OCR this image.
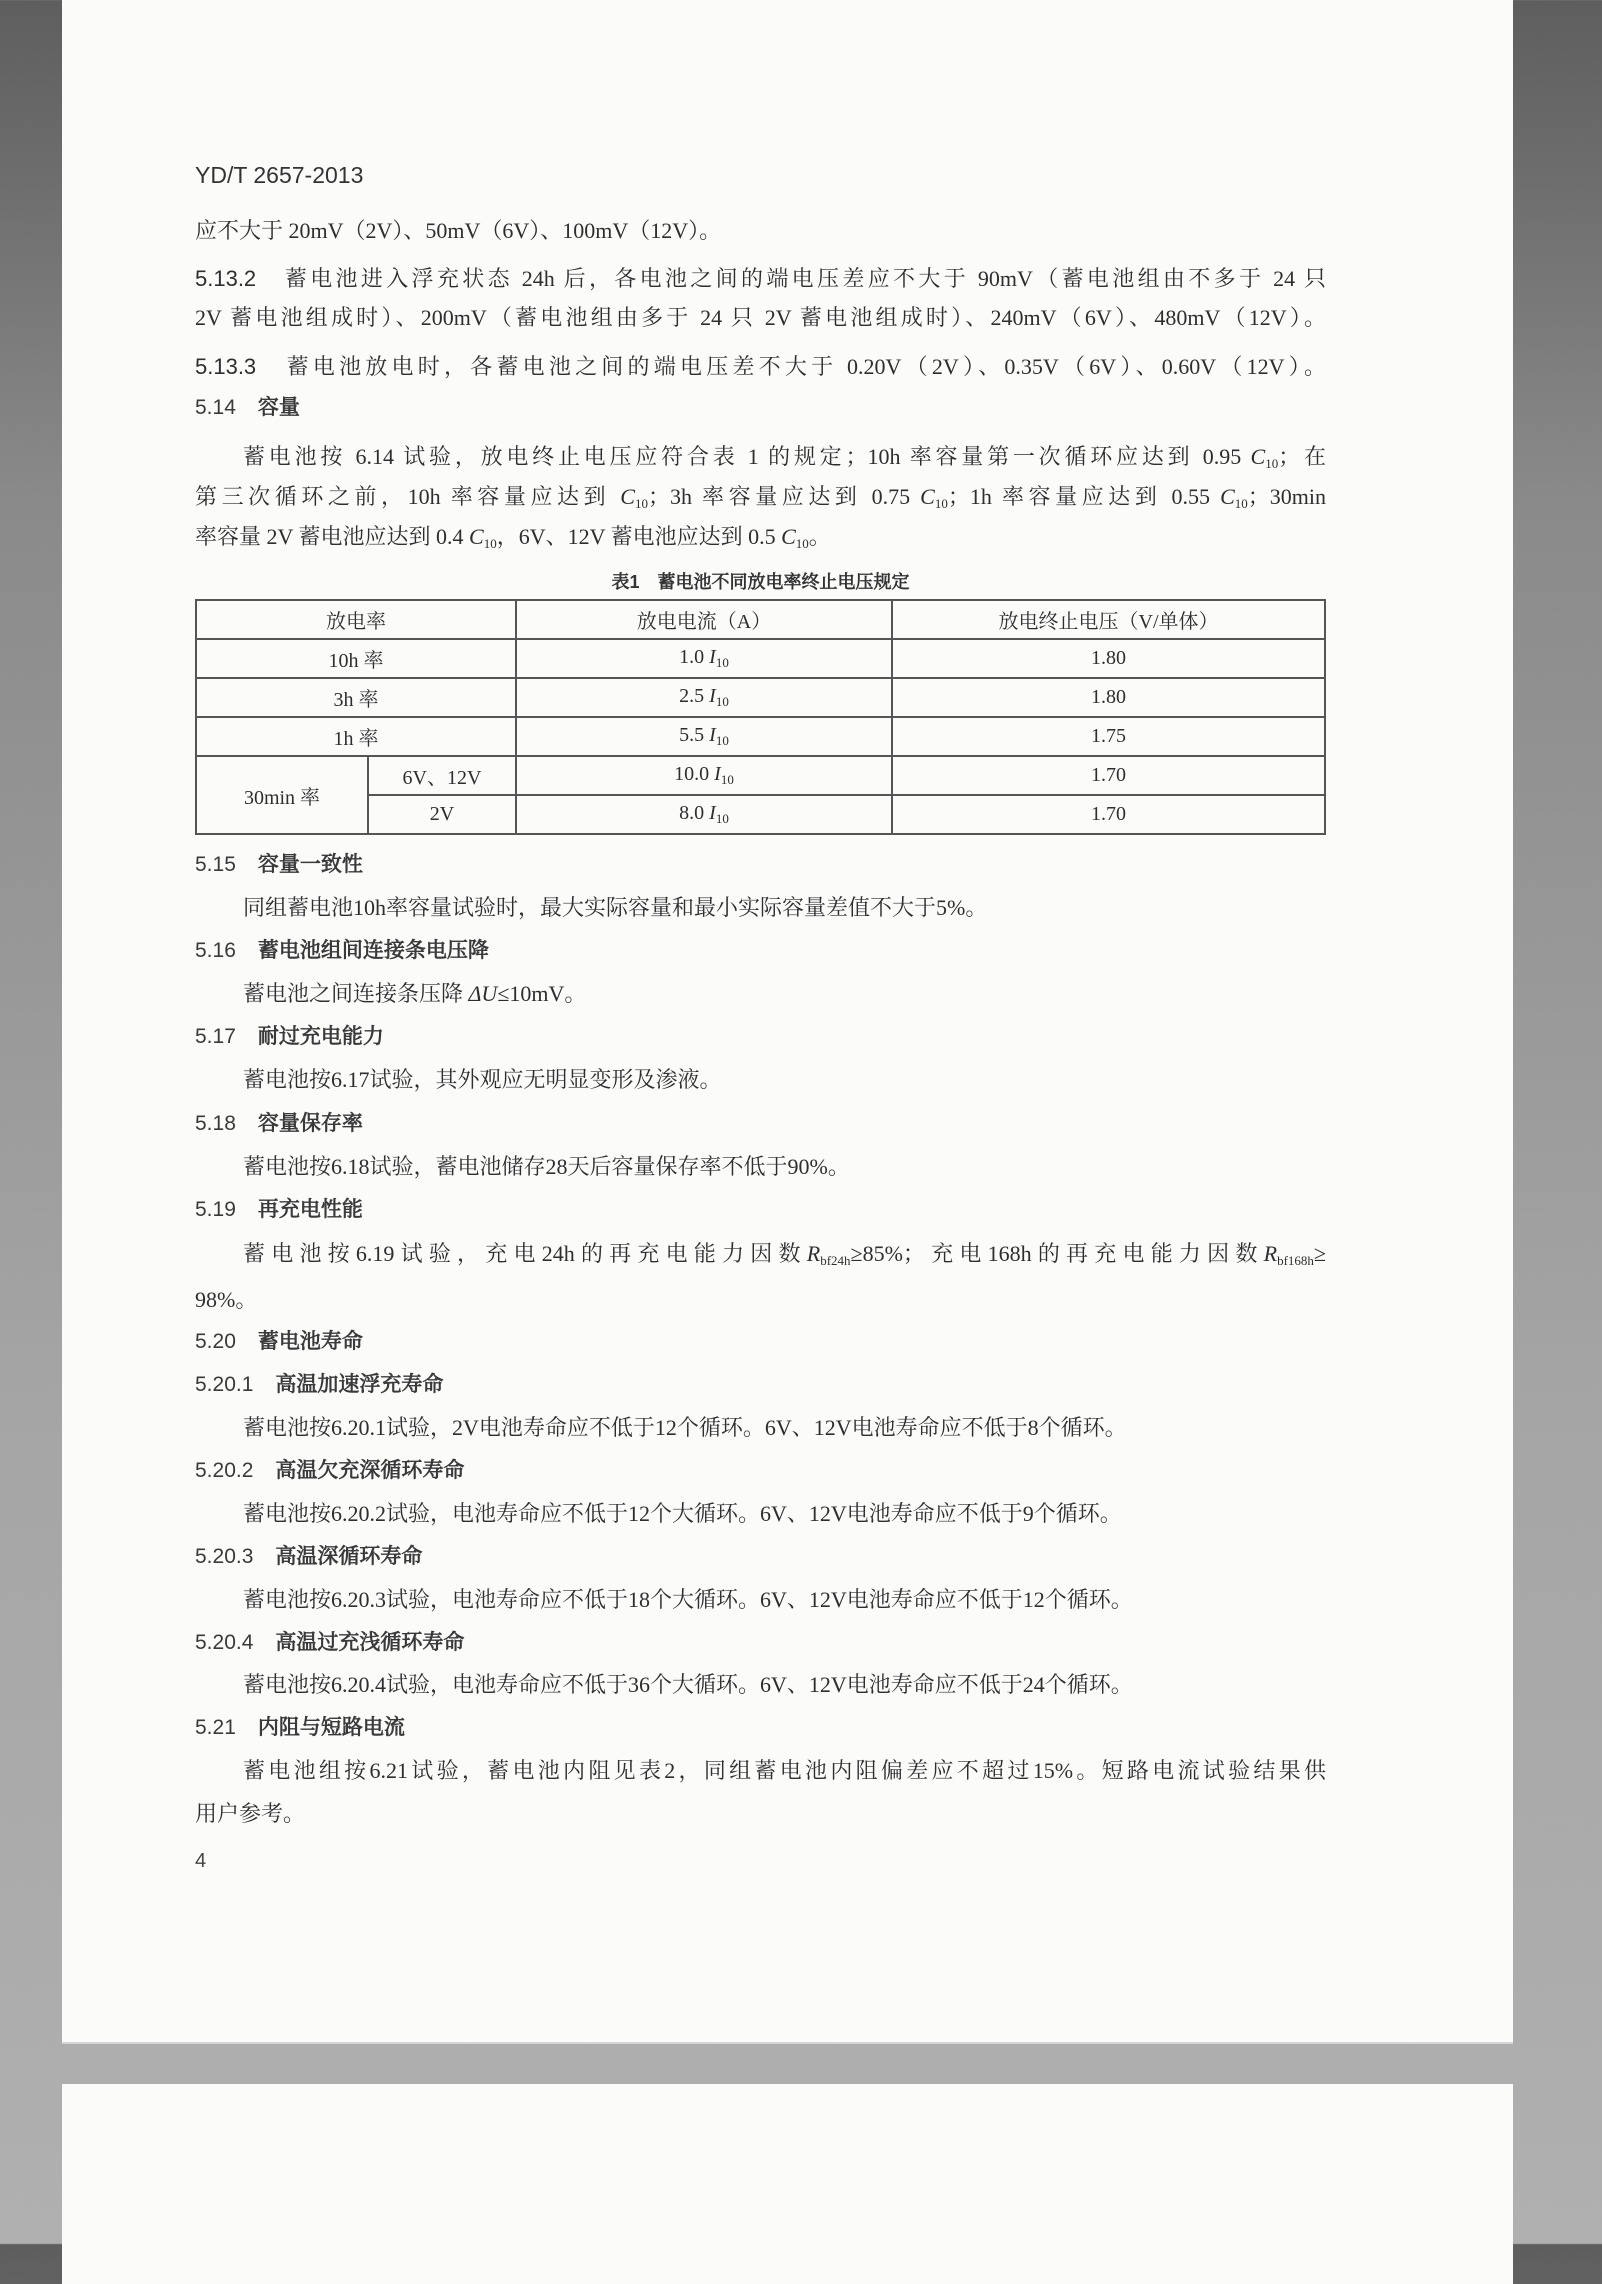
YD/T 2657-2013
应不大于 20mV（2V）、50mV（6V）、100mV（12V）。
5.13.2　 蓄电池进入浮充状态 24h 后，各电池之间的端电压差应不大于 90mV（蓄电池组由不多于 24 只
2V 蓄电池组成时）、200mV（蓄电池组由多于 24 只 2V 蓄电池组成时）、240mV（6V）、480mV（12V）。
5.13.3　 蓄电池放电时，各蓄电池之间的端电压差不大于 0.20V（2V）、0.35V（6V）、0.60V（12V）。
5.14 容量
蓄电池按 6.14 试验，放电终止电压应符合表 1 的规定；10h 率容量第一次循环应达到 0.95 $C_{10}$；在
第三次循环之前，10h 率容量应达到 $C_{10}$；3h 率容量应达到 0.75 $C_{10}$；1h 率容量应达到 0.55 $C_{10}$；30min
率容量 2V 蓄电池应达到 0.4 $C_{10}$，6V、12V 蓄电池应达到 0.5 $C_{10}$。
表1　蓄电池不同放电率终止电压规定
放电率		放电电流（A）	放电终止电压（V/单体）
10h 率		1.0 $I_{10}$	1.80
3h 率		2.5 $I_{10}$	1.80
1h 率		5.5 $I_{10}$	1.75
30min 率	6V、12V	10.0 $I_{10}$	1.70
	2V	8.0 $I_{10}$	1.70
5.15 容量一致性
同组蓄电池10h率容量试验时，最大实际容量和最小实际容量差值不大于5%。
5.16 蓄电池组间连接条电压降
蓄电池之间连接条压降 ΔU≤10mV。
5.17 耐过充电能力
蓄电池按6.17试验，其外观应无明显变形及渗液。
5.18 容量保存率
蓄电池按6.18试验，蓄电池储存28天后容量保存率不低于90%。
5.19 再充电性能
蓄电池按6.19试验，充电24h的再充电能力因数$R_{bf24h}\ge 85\%$；充电168h的再充电能力因数$R_{bf168h}\ge$
98%。
5.20 蓄电池寿命
5.20.1 高温加速浮充寿命
蓄电池按6.20.1试验，2V电池寿命应不低于12个循环。6V、12V电池寿命应不低于8个循环。
5.20.2 高温欠充深循环寿命
蓄电池按6.20.2试验，电池寿命应不低于12个大循环。6V、12V电池寿命应不低于9个循环。
5.20.3 高温深循环寿命
蓄电池按6.20.3试验，电池寿命应不低于18个大循环。6V、12V电池寿命应不低于12个循环。
5.20.4 高温过充浅循环寿命
蓄电池按6.20.4试验，电池寿命应不低于36个大循环。6V、12V电池寿命应不低于24个循环。
5.21 内阻与短路电流
蓄电池组按6.21试验，蓄电池内阻见表2，同组蓄电池内阻偏差应不超过15%。短路电流试验结果供
用户参考。
4
